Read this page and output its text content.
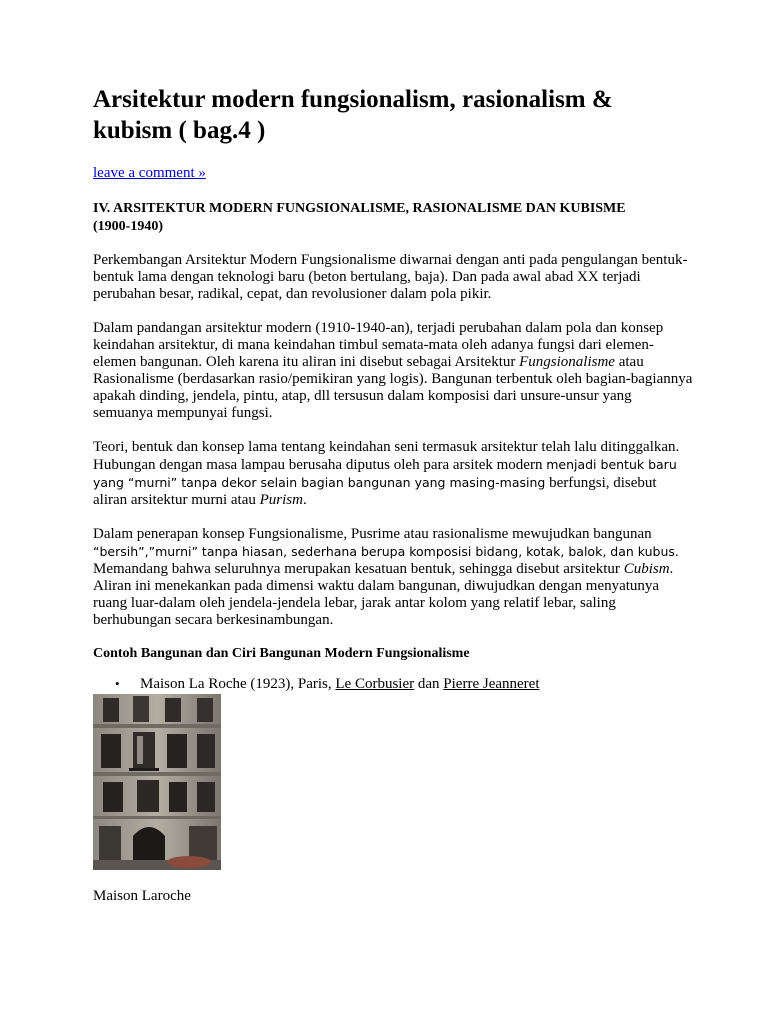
Arsitektur modern fungsionalism, rasionalism & kubism ( bag.4 )
leave a comment »
IV. ARSITEKTUR MODERN FUNGSIONALISME, RASIONALISME DAN KUBISME (1900-1940)

Perkembangan Arsitektur Modern Fungsionalisme diwarnai dengan anti pada pengulangan bentuk-bentuk lama dengan teknologi baru (beton bertulang, baja). Dan pada awal abad XX terjadi perubahan besar, radikal, cepat, dan revolusioner dalam pola pikir.

Dalam pandangan arsitektur modern (1910-1940-an), terjadi perubahan dalam pola dan konsep keindahan arsitektur, di mana keindahan timbul semata-mata oleh adanya fungsi dari elemen-elemen bangunan. Oleh karena itu aliran ini disebut sebagai Arsitektur Fungsionalisme atau Rasionalisme (berdasarkan rasio/pemikiran yang logis). Bangunan terbentuk oleh bagian-bagiannya apakah dinding, jendela, pintu, atap, dll tersusun dalam komposisi dari unsure-unsur yang semuanya mempunyai fungsi.

Teori, bentuk dan konsep lama tentang keindahan seni termasuk arsitektur telah lalu ditinggalkan. Hubungan dengan masa lampau berusaha diputus oleh para arsitek modern menjadi bentuk baru yang “murni” tanpa dekor selain bagian bangunan yang masing-masing berfungsi, disebut aliran arsitektur murni atau Purism.

Dalam penerapan konsep Fungsionalisme, Pusrime atau rasionalisme mewujudkan bangunan “bersih”,”murni” tanpa hiasan, sederhana berupa komposisi bidang, kotak, balok, dan kubus. Memandang bahwa seluruhnya merupakan kesatuan bentuk, sehingga disebut arsitektur Cubism. Aliran ini menekankan pada dimensi waktu dalam bangunan, diwujudkan dengan menyatunya ruang luar-dalam oleh jendela-jendela lebar, jarak antar kolom yang relatif lebar, saling berhubungan secara berkesinambungan.

Contoh Bangunan dan Ciri Bangunan Modern Fungsionalisme
• Maison La Roche (1923), Paris, Le Corbusier dan Pierre Jeanneret
Maison Laroche
